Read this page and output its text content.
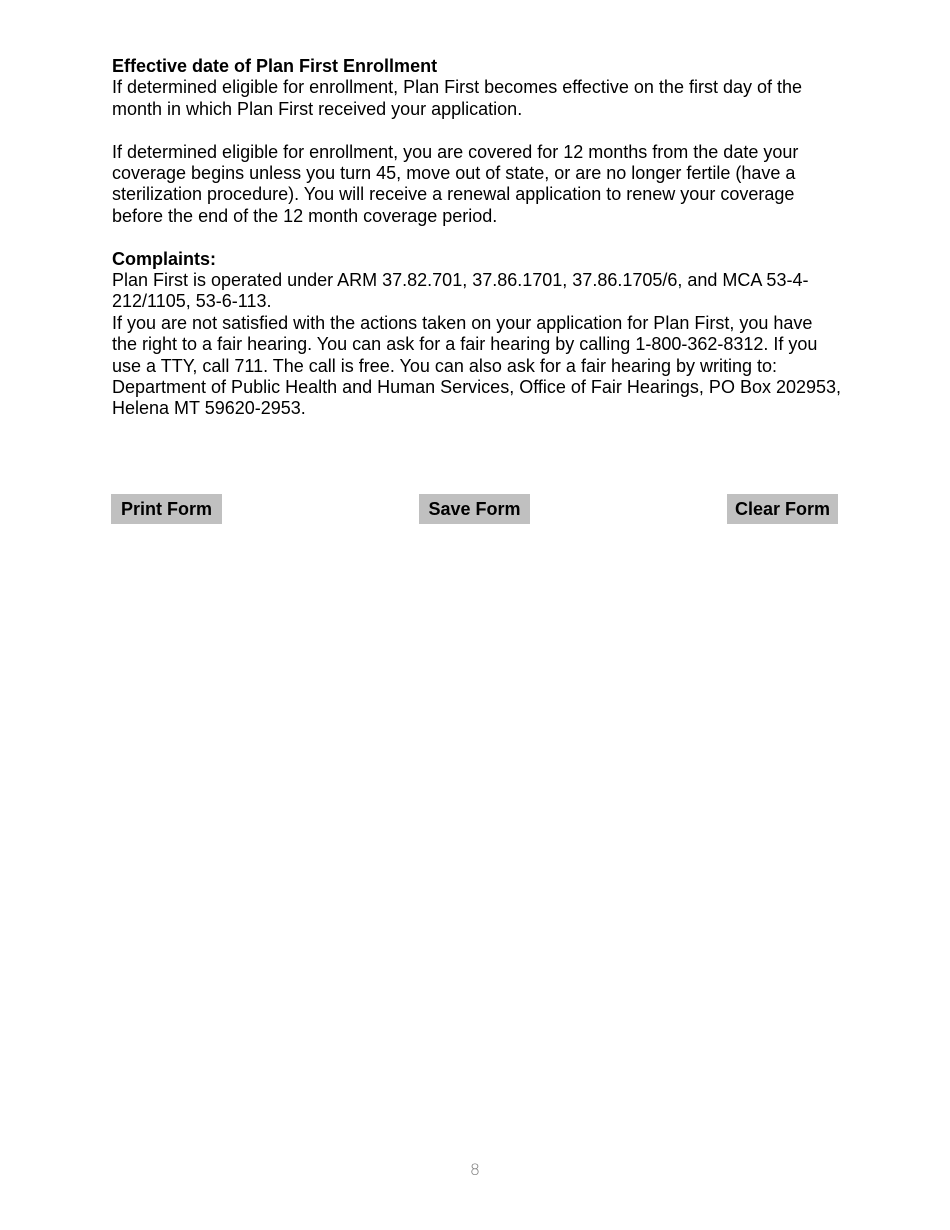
Effective date of Plan First Enrollment

If determined eligible for enrollment, Plan First becomes effective on the first day of the month in which Plan First received your application.

If determined eligible for enrollment, you are covered for 12 months from the date your coverage begins unless you turn 45, move out of state, or are no longer fertile (have a sterilization procedure). You will receive a renewal application to renew your coverage before the end of the 12 month coverage period.

Complaints:

Plan First is operated under ARM 37.82.701, 37.86.1701, 37.86.1705/6, and MCA 53-4-212/1105, 53-6-113.

If you are not satisfied with the actions taken on your application for Plan First, you have the right to a fair hearing. You can ask for a fair hearing by calling 1-800-362-8312. If you use a TTY, call 711. The call is free. You can also ask for a fair hearing by writing to:

Department of Public Health and Human Services, Office of Fair Hearings, PO Box 202953, Helena MT 59620-2953.

Print Form	Save Form	Clear Form
8
